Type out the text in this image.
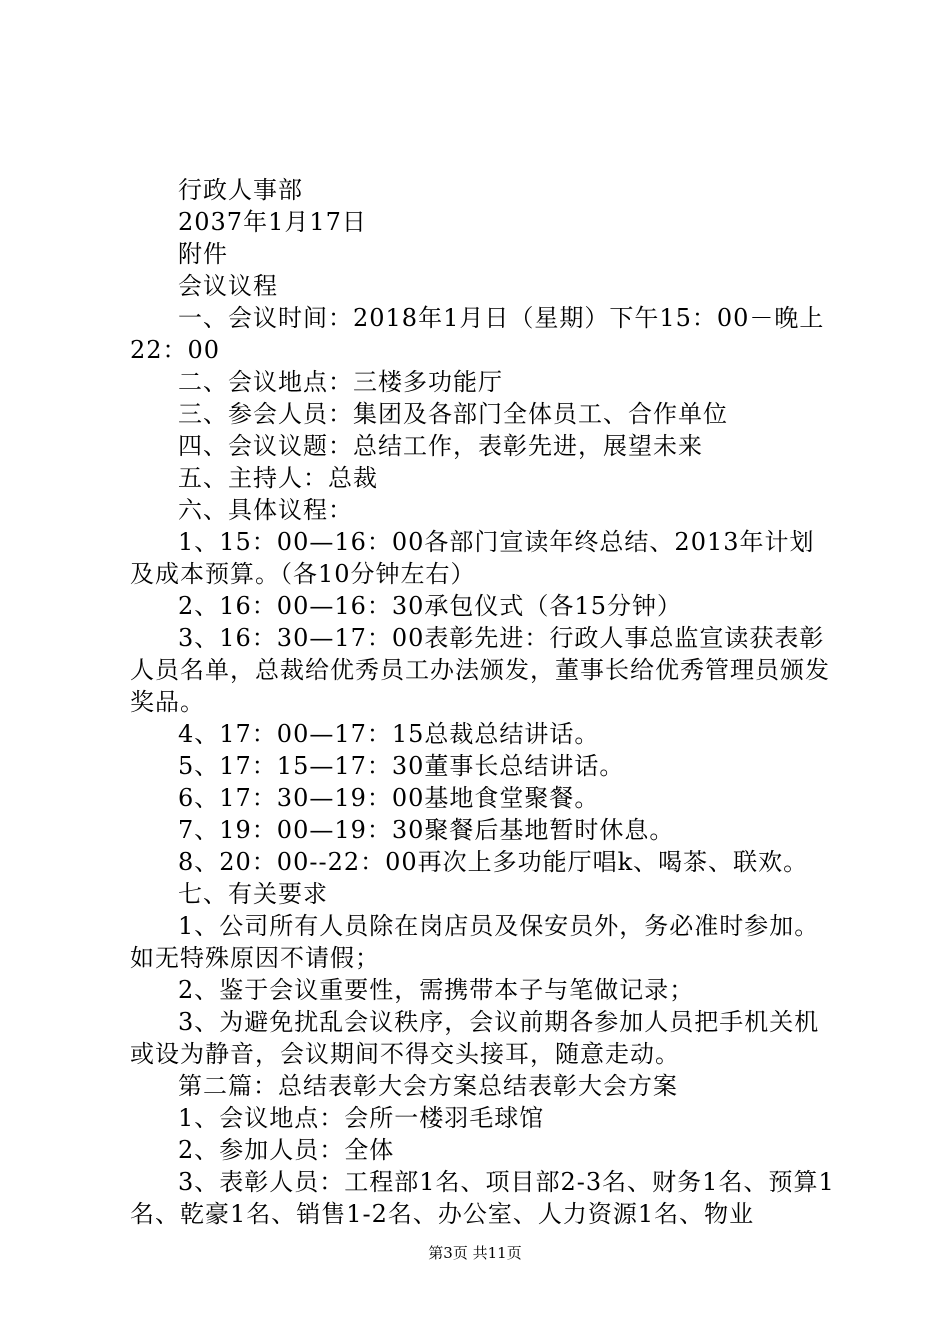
行政人事部

2037年1月17日

附件

会议议程

一、会议时间：2018年1月日（星期）下午15：00－晚上22：00

二、会议地点：三楼多功能厅

三、参会人员：集团及各部门全体员工、合作单位

四、会议议题：总结工作，表彰先进，展望未来

五、主持人：总裁

六、具体议程：

1、15：00—16：00各部门宣读年终总结、2013年计划及成本预算。（各10分钟左右）

2、16：00—16：30承包仪式（各15分钟）

3、16：30—17：00表彰先进：行政人事总监宣读获表彰人员名单，总裁给优秀员工办法颁发，董事长给优秀管理员颁发奖品。

4、17：00—17：15总裁总结讲话。

5、17：15—17：30董事长总结讲话。

6、17：30—19：00基地食堂聚餐。

7、19：00—19：30聚餐后基地暂时休息。

8、20：00--22：00再次上多功能厅唱k、喝茶、联欢。

七、有关要求

1、公司所有人员除在岗店员及保安员外，务必准时参加。如无特殊原因不请假；

2、鉴于会议重要性，需携带本子与笔做记录；

3、为避免扰乱会议秩序，会议前期各参加人员把手机关机或设为静音，会议期间不得交头接耳，随意走动。

第二篇：总结表彰大会方案总结表彰大会方案

1、会议地点：会所一楼羽毛球馆

2、参加人员：全体

3、表彰人员：工程部1名、项目部2-3名、财务1名、预算1名、乾豪1名、销售1-2名、办公室、人力资源1名、物业

第3页 共11页
